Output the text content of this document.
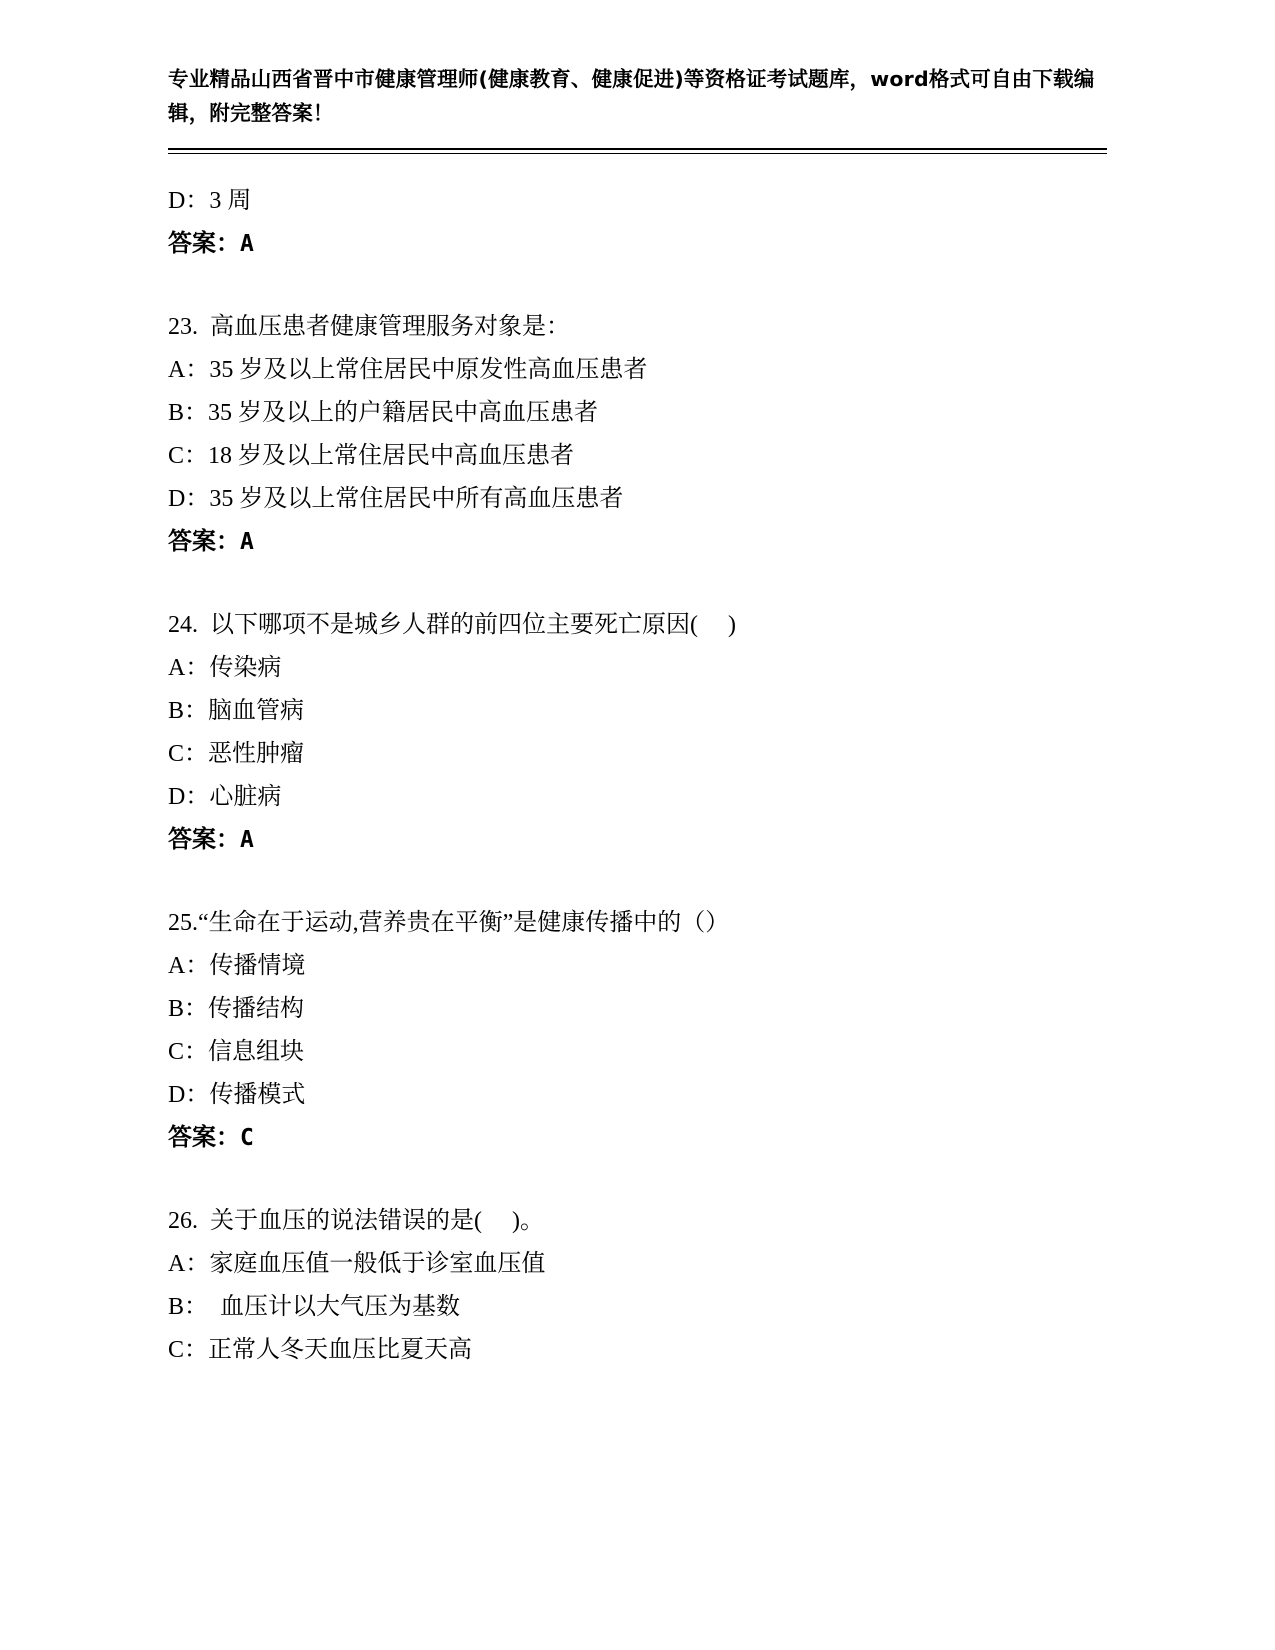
专业精品山西省晋中市健康管理师(健康教育、健康促进)等资格证考试题库，word格式可自由下载编辑，附完整答案！
D：3 周
答案：A
23.  高血压患者健康管理服务对象是：
A：35 岁及以上常住居民中原发性高血压患者
B：35 岁及以上的户籍居民中高血压患者
C：18 岁及以上常住居民中高血压患者
D：35 岁及以上常住居民中所有高血压患者
答案：A
24.  以下哪项不是城乡人群的前四位主要死亡原因(     )
A：传染病
B：脑血管病
C：恶性肿瘤
D：心脏病
答案：A
25.“生命在于运动,营养贵在平衡”是健康传播中的（）
A：传播情境
B：传播结构
C：信息组块
D：传播模式
答案：C
26.  关于血压的说法错误的是(     )。
A：家庭血压值一般低于诊室血压值
B：  血压计以大气压为基数
C：正常人冬天血压比夏天高
